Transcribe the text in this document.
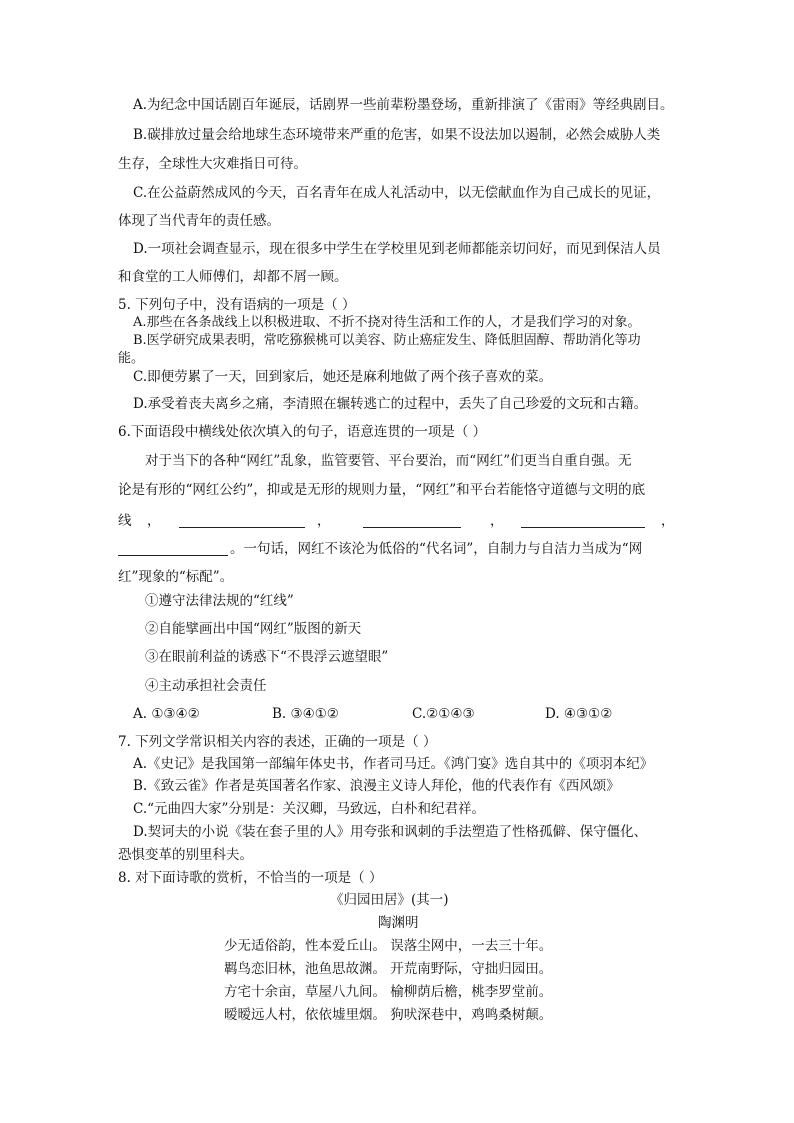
A.为纪念中国话剧百年诞辰，话剧界一些前辈粉墨登场，重新排演了《雷雨》等经典剧目。
B.碳排放过量会给地球生态环境带来严重的危害，如果不设法加以遏制，必然会威胁人类
生存，全球性大灾难指日可待。
C.在公益蔚然成风的今天，百名青年在成人礼活动中，以无偿献血作为自己成长的见证，
体现了当代青年的责任感。
D.一项社会调查显示，现在很多中学生在学校里见到老师都能亲切问好，而见到保洁人员
和食堂的工人师傅们，却都不屑一顾。
5. 下列句子中，没有语病的一项是（ ）
A.那些在各条战线上以积极进取、不折不挠对待生活和工作的人，才是我们学习的对象。
B.医学研究成果表明，常吃猕猴桃可以美容、防止癌症发生、降低胆固醇、帮助消化等功
能。
C.即便劳累了一天，回到家后，她还是麻利地做了两个孩子喜欢的菜。
D.承受着丧夫离乡之痛，李清照在辗转逃亡的过程中，丢失了自己珍爱的文玩和古籍。
6.下面语段中横线处依次填入的句子，语意连贯的一项是（ ）
对于当下的各种“网红”乱象，监管要管、平台要治，而“网红”们更当自重自强。无
论是有形的“网红公约”，抑或是无形的规则力量，“网红”和平台若能恪守道德与文明的底
线 ，	，	，	，
。一句话，网红不该沦为低俗的“代名词”，自制力与自洁力当成为“网
红”现象的“标配”。
①遵守法律法规的“红线”
②自能擘画出中国“网红”版图的新天
③在眼前利益的诱惑下“不畏浮云遮望眼”
④主动承担社会责任
A. ①③④②	B. ③④①②	C.②①④③	D. ④③①②
7. 下列文学常识相关内容的表述，正确的一项是（ ）
A.《史记》是我国第一部编年体史书，作者司马迁。《鸿门宴》选自其中的《项羽本纪》
B.《致云雀》作者是英国著名作家、浪漫主义诗人拜伦，他的代表作有《西风颂》
C.“元曲四大家”分别是：关汉卿，马致远，白朴和纪君祥。
D.契诃夫的小说《装在套子里的人》用夸张和讽刺的手法塑造了性格孤僻、保守僵化、
恐惧变革的别里科夫。
8. 对下面诗歌的赏析，不恰当的一项是（ ）
《归园田居》(其一)
陶渊明
少无适俗韵，性本爱丘山。 误落尘网中，一去三十年。
羁鸟恋旧林，池鱼思故渊。 开荒南野际，守拙归园田。
方宅十余亩，草屋八九间。 榆柳荫后檐，桃李罗堂前。
暧暧远人村，依依墟里烟。 狗吠深巷中，鸡鸣桑树颠。
